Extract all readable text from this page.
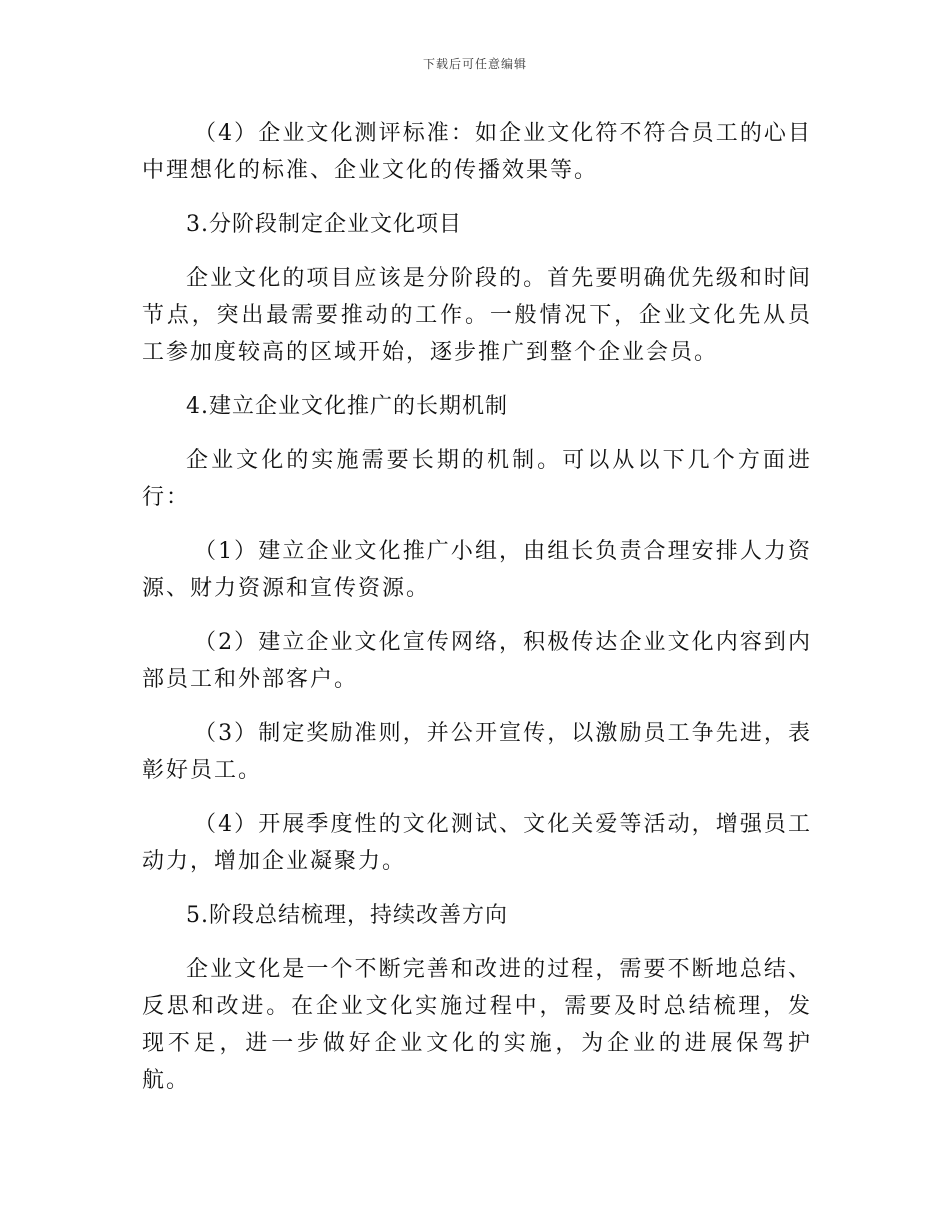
下载后可任意编辑

（4）企业文化测评标准：如企业文化符不符合员工的心目中理想化的标准、企业文化的传播效果等。

3.分阶段制定企业文化项目

企业文化的项目应该是分阶段的。首先要明确优先级和时间节点，突出最需要推动的工作。一般情况下，企业文化先从员工参加度较高的区域开始，逐步推广到整个企业会员。

4.建立企业文化推广的长期机制

企业文化的实施需要长期的机制。可以从以下几个方面进行：

（1）建立企业文化推广小组，由组长负责合理安排人力资源、财力资源和宣传资源。

（2）建立企业文化宣传网络，积极传达企业文化内容到内部员工和外部客户。

（3）制定奖励准则，并公开宣传，以激励员工争先进，表彰好员工。

（4）开展季度性的文化测试、文化关爱等活动，增强员工动力，增加企业凝聚力。

5.阶段总结梳理，持续改善方向

企业文化是一个不断完善和改进的过程，需要不断地总结、反思和改进。在企业文化实施过程中，需要及时总结梳理，发现不足，进一步做好企业文化的实施，为企业的进展保驾护航。
